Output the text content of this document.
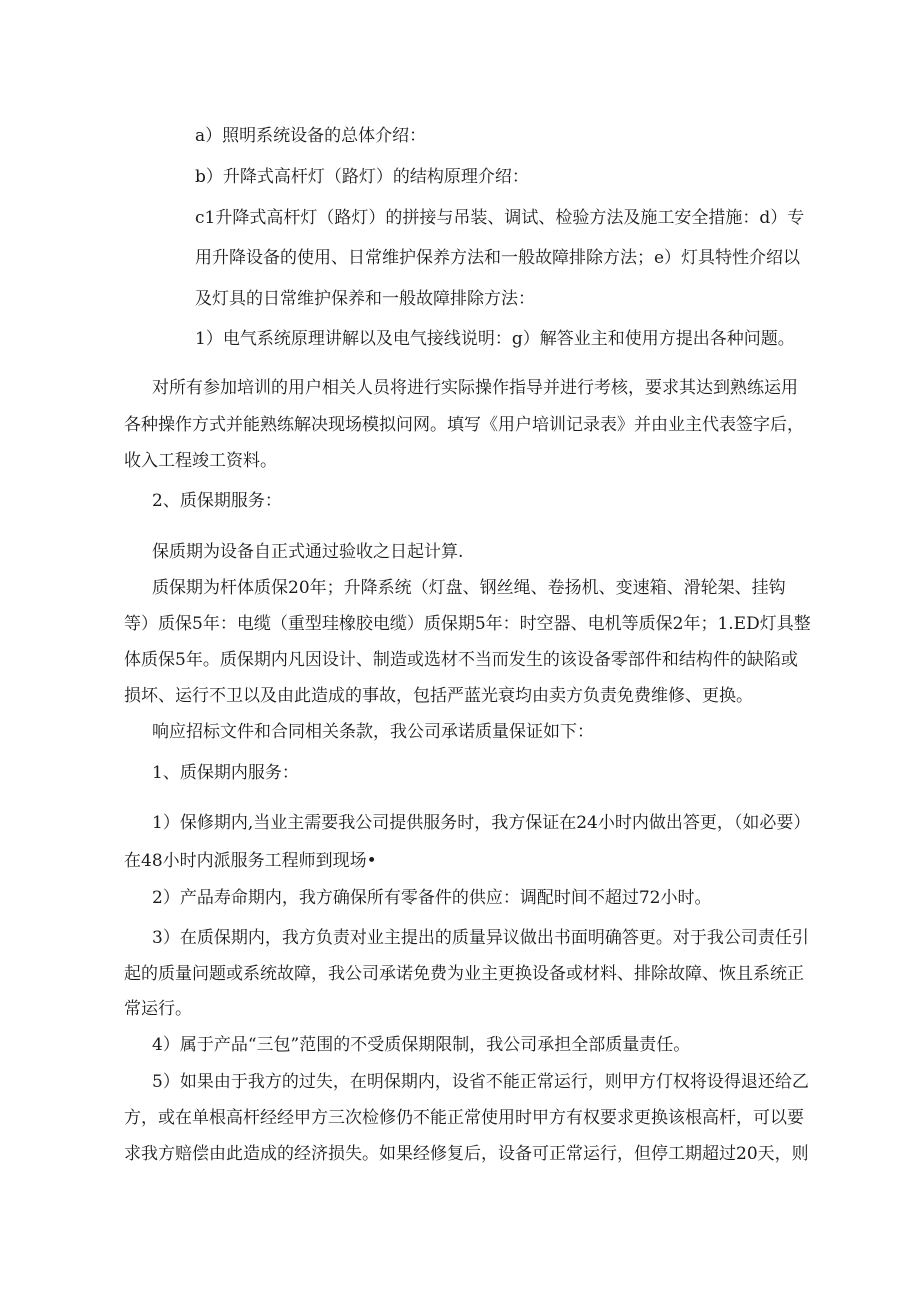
a）照明系统设备的总体介绍：
b）升降式高杆灯（路灯）的结构原理介绍：
c1升降式高杆灯（路灯）的拼接与吊装、调试、检验方法及施工安全措施：d）专
用升降设备的使用、日常维护保养方法和一般故障排除方法；e）灯具特性介绍以
及灯具的日常维护保养和一般故障排除方法：
1）电气系统原理讲解以及电气接线说明：g）解答业主和使用方提出各种问题。
对所有参加培训的用户相关人员将进行实际操作指导并进行考核，要求其达到熟练运用
各种操作方式并能熟练解决现场模拟问网。填写《用户培训记录表》并由业主代表签字后，
收入工程竣工资料。
2、质保期服务：
保质期为设备自正式通过验收之日起计算.
质保期为杆体质保20年；升降系统（灯盘、钢丝绳、卷扬机、变速箱、滑轮架、挂钩
等）质保5年：电缆（重型珪橡胶电缆）质保期5年：时空器、电机等质保2年；1.ED灯具整
体质保5年。质保期内凡因设计、制造或选材不当而发生的该设备零部件和结构件的缺陷或
损坏、运行不卫以及由此造成的事故，包括严蓝光衰均由卖方负责免费维修、更换。
响应招标文件和合同相关条款，我公司承诺质量保证如下：
1、质保期内服务：
1）保修期内,当业主需要我公司提供服务时，我方保证在24小时内做出答更，（如必要）
在48小时内派服务工程师到现场•
2）产品寿命期内，我方确保所有零备件的供应：调配时间不超过72小时。
3）在质保期内，我方负责对业主提出的质量异议做出书面明确答更。对于我公司责任引
起的质量问题或系统故障，我公司承诺免费为业主更换设备或材料、排除故障、恢且系统正
常运行。
4）属于产品“三包”范围的不受质保期限制，我公司承担全部质量责任。
5）如果由于我方的过失，在明保期内，设省不能正常运行，则甲方仃权将设得退还给乙
方，或在单根高杆经经甲方三次检修仍不能正常使用时甲方有权要求更换该根高杆，可以要
求我方赔偿由此造成的经济损失。如果经修复后，设备可正常运行，但停工期超过20天，则
